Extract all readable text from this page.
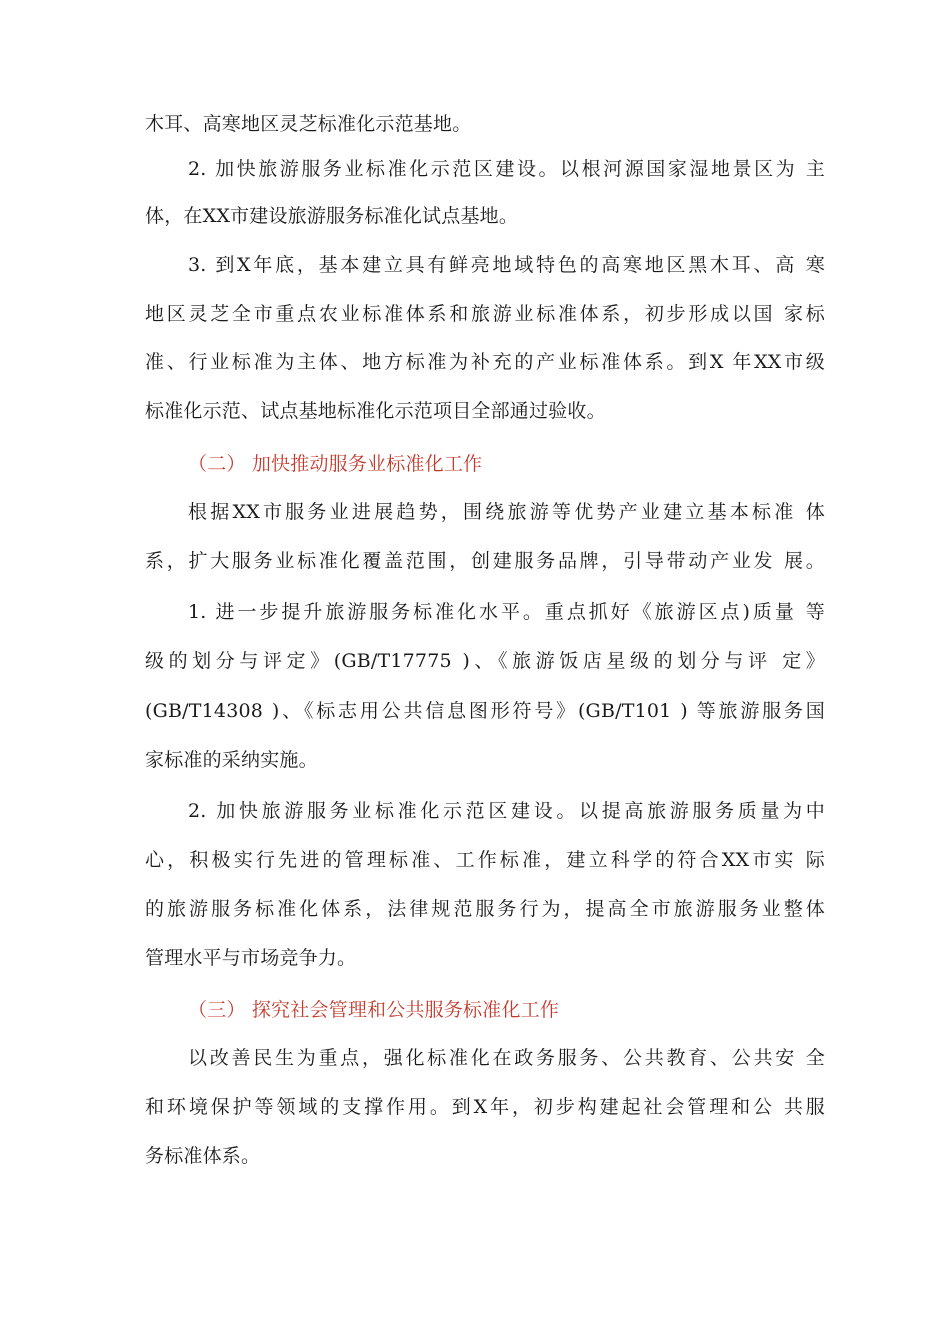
木耳、高寒地区灵芝标准化示范基地。
2. 加快旅游服务业标准化示范区建设。以根河源国家湿地景区为 主
体，在XX市建设旅游服务标准化试点基地。
3. 到X年底，基本建立具有鲜亮地域特色的高寒地区黑木耳、高 寒
地区灵芝全市重点农业标准体系和旅游业标准体系，初步形成以国 家标
准、行业标准为主体、地方标准为补充的产业标准体系。到X 年XX市级
标准化示范、试点基地标准化示范项目全部通过验收。
（二） 加快推动服务业标准化工作
根据XX市服务业进展趋势，围绕旅游等优势产业建立基本标准 体
系，扩大服务业标准化覆盖范围，创建服务品牌，引导带动产业发 展。
1. 进一步提升旅游服务标准化水平。重点抓好《旅游区点)质量 等
级的划分与评定》(GB/T17775 )、《旅游饭店星级的划分与评 定》
(GB/T14308 )、《标志用公共信息图形符号》(GB/T101 ) 等旅游服务国
家标准的采纳实施。
2. 加快旅游服务业标准化示范区建设。以提高旅游服务质量为中
心，积极实行先进的管理标准、工作标准，建立科学的符合XX市实 际
的旅游服务标准化体系，法律规范服务行为，提高全市旅游服务业整体
管理水平与市场竞争力。
（三） 探究社会管理和公共服务标准化工作
以改善民生为重点，强化标准化在政务服务、公共教育、公共安 全
和环境保护等领域的支撑作用。到X年，初步构建起社会管理和公 共服
务标准体系。
